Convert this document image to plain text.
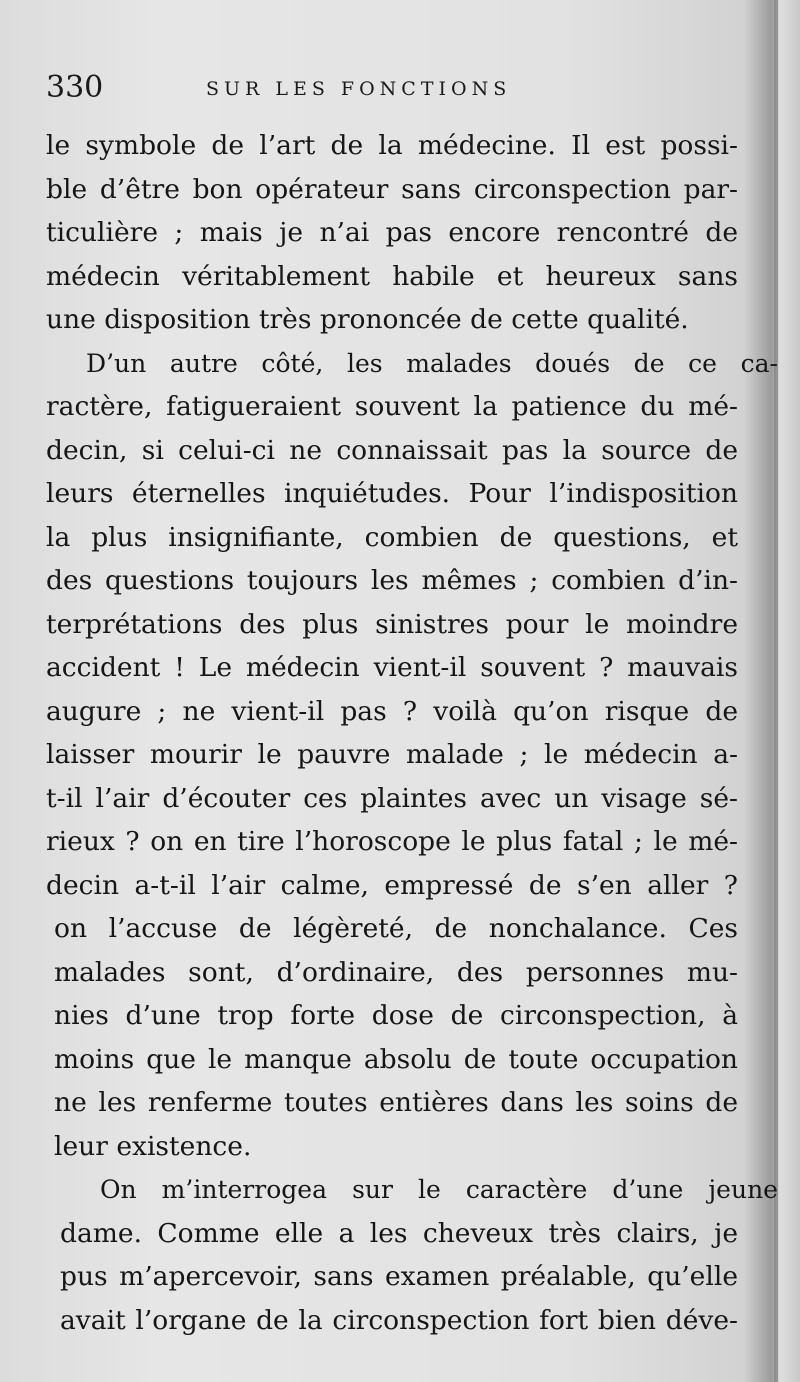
330	SUR LES FONCTIONS
le symbole de l’art de la médecine. Il est possi-
ble d’être bon opérateur sans circonspection par-
ticulière ; mais je n’ai pas encore rencontré de
médecin véritablement habile et heureux sans
une disposition très prononcée de cette qualité.
D’un autre côté, les malades doués de ce ca-
ractère, fatigueraient souvent la patience du mé-
decin, si celui-ci ne connaissait pas la source de
leurs éternelles inquiétudes. Pour l’indisposition
la plus insignifiante, combien de questions, et
des questions toujours les mêmes ; combien d’in-
terprétations des plus sinistres pour le moindre
accident ! Le médecin vient-il souvent ? mauvais
augure ; ne vient-il pas ? voilà qu’on risque de
laisser mourir le pauvre malade ; le médecin a-
t-il l’air d’écouter ces plaintes avec un visage sé-
rieux ? on en tire l’horoscope le plus fatal ; le mé-
decin a-t-il l’air calme, empressé de s’en aller ?
on l’accuse de légèreté, de nonchalance. Ces
malades sont, d’ordinaire, des personnes mu-
nies d’une trop forte dose de circonspection, à
moins que le manque absolu de toute occupation
ne les renferme toutes entières dans les soins de
leur existence.
On m’interrogea sur le caractère d’une jeune
dame. Comme elle a les cheveux très clairs, je
pus m’apercevoir, sans examen préalable, qu’elle
avait l’organe de la circonspection fort bien déve-
